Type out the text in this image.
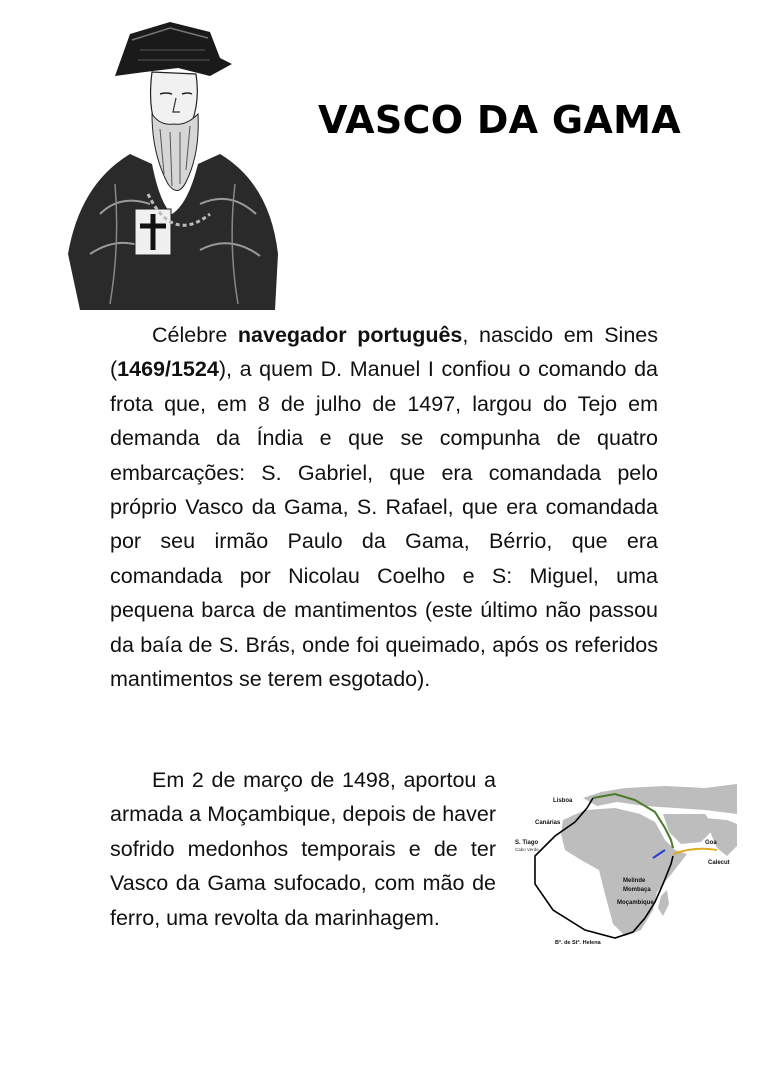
VASCO DA GAMA

Célebre navegador português, nascido em Sines (1469/1524), a quem D. Manuel I confiou o comando da frota que, em 8 de julho de 1497, largou do Tejo em demanda da Índia e que se compunha de quatro embarcações: S. Gabriel, que era comandada pelo próprio Vasco da Gama, S. Rafael, que era comandada por seu irmão Paulo da Gama, Bérrio, que era comandada por Nicolau Coelho e S: Miguel, uma pequena barca de mantimentos (este último não passou da baía de S. Brás, onde foi queimado, após os referidos mantimentos se terem esgotado).

Em 2 de março de 1498, aportou a armada a Moçambique, depois de haver sofrido medonhos temporais e de ter Vasco da Gama sufocado, com mão de ferro, uma revolta da marinhagem.

Lisboa
Canárias
S. Tiago
Cabo Verde
Goa
Calecut
Melinde
Mombaça
Moçambique
Bª. de Stª. Helena
